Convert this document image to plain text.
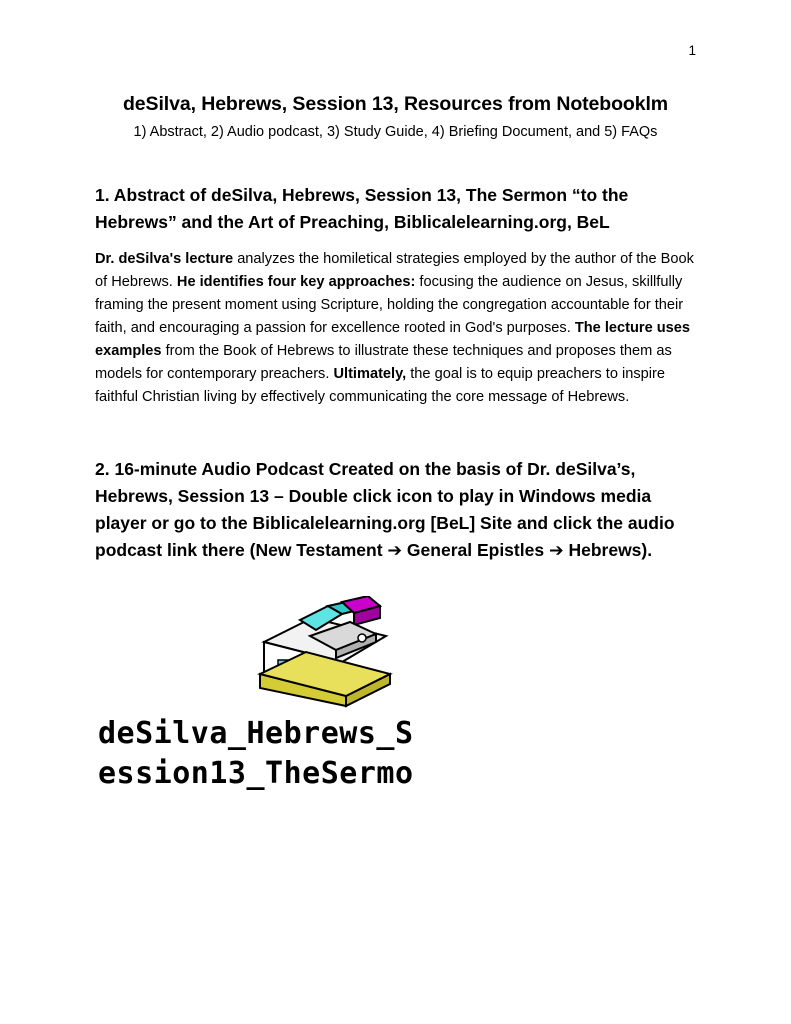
1
deSilva, Hebrews, Session 13, Resources from Notebooklm
1) Abstract, 2) Audio podcast, 3) Study Guide, 4) Briefing Document, and 5) FAQs
1. Abstract of deSilva, Hebrews, Session 13, The Sermon “to the Hebrews” and the Art of Preaching, Biblicalelearning.org, BeL

Dr. deSilva's lecture analyzes the homiletical strategies employed by the author of the Book of Hebrews. He identifies four key approaches: focusing the audience on Jesus, skillfully framing the present moment using Scripture, holding the congregation accountable for their faith, and encouraging a passion for excellence rooted in God's purposes. The lecture uses examples from the Book of Hebrews to illustrate these techniques and proposes them as models for contemporary preachers. Ultimately, the goal is to equip preachers to inspire faithful Christian living by effectively communicating the core message of Hebrews.

2. 16-minute Audio Podcast Created on the basis of Dr. deSilva’s, Hebrews, Session 13 – Double click icon to play in Windows media player or go to the Biblicalelearning.org [BeL] Site and click the audio podcast link there (New Testament ➔ General Epistles ➔ Hebrews).
deSilva_Hebrews_S
ession13_TheSermo
